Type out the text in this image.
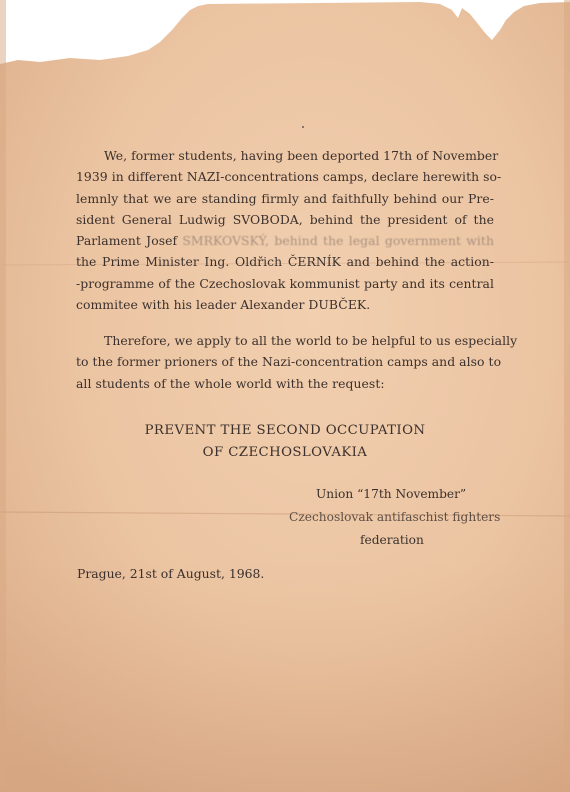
We, former students, having been deported 17th of November
1939 in different NAZI-concentrations camps, declare herewith so-
lemnly that we are standing firmly and faithfully behind our Pre-
sident General Ludwig SVOBODA, behind the president of the
Parlament Josef SMRKOVSKÝ, behind the legal government with
the Prime Minister Ing. Oldřich ČERNÍK and behind the action-
-programme of the Czechoslovak kommunist party and its central
commitee with his leader Alexander DUBČEK.
Therefore, we apply to all the world to be helpful to us especially
to the former prioners of the Nazi-concentration camps and also to
all students of the whole world with the request:
PREVENT THE SECOND OCCUPATION
OF CZECHOSLOVAKIA
Union “17th November”
Czechoslovak antifaschist fighters
federation
Prague, 21st of August, 1968.
